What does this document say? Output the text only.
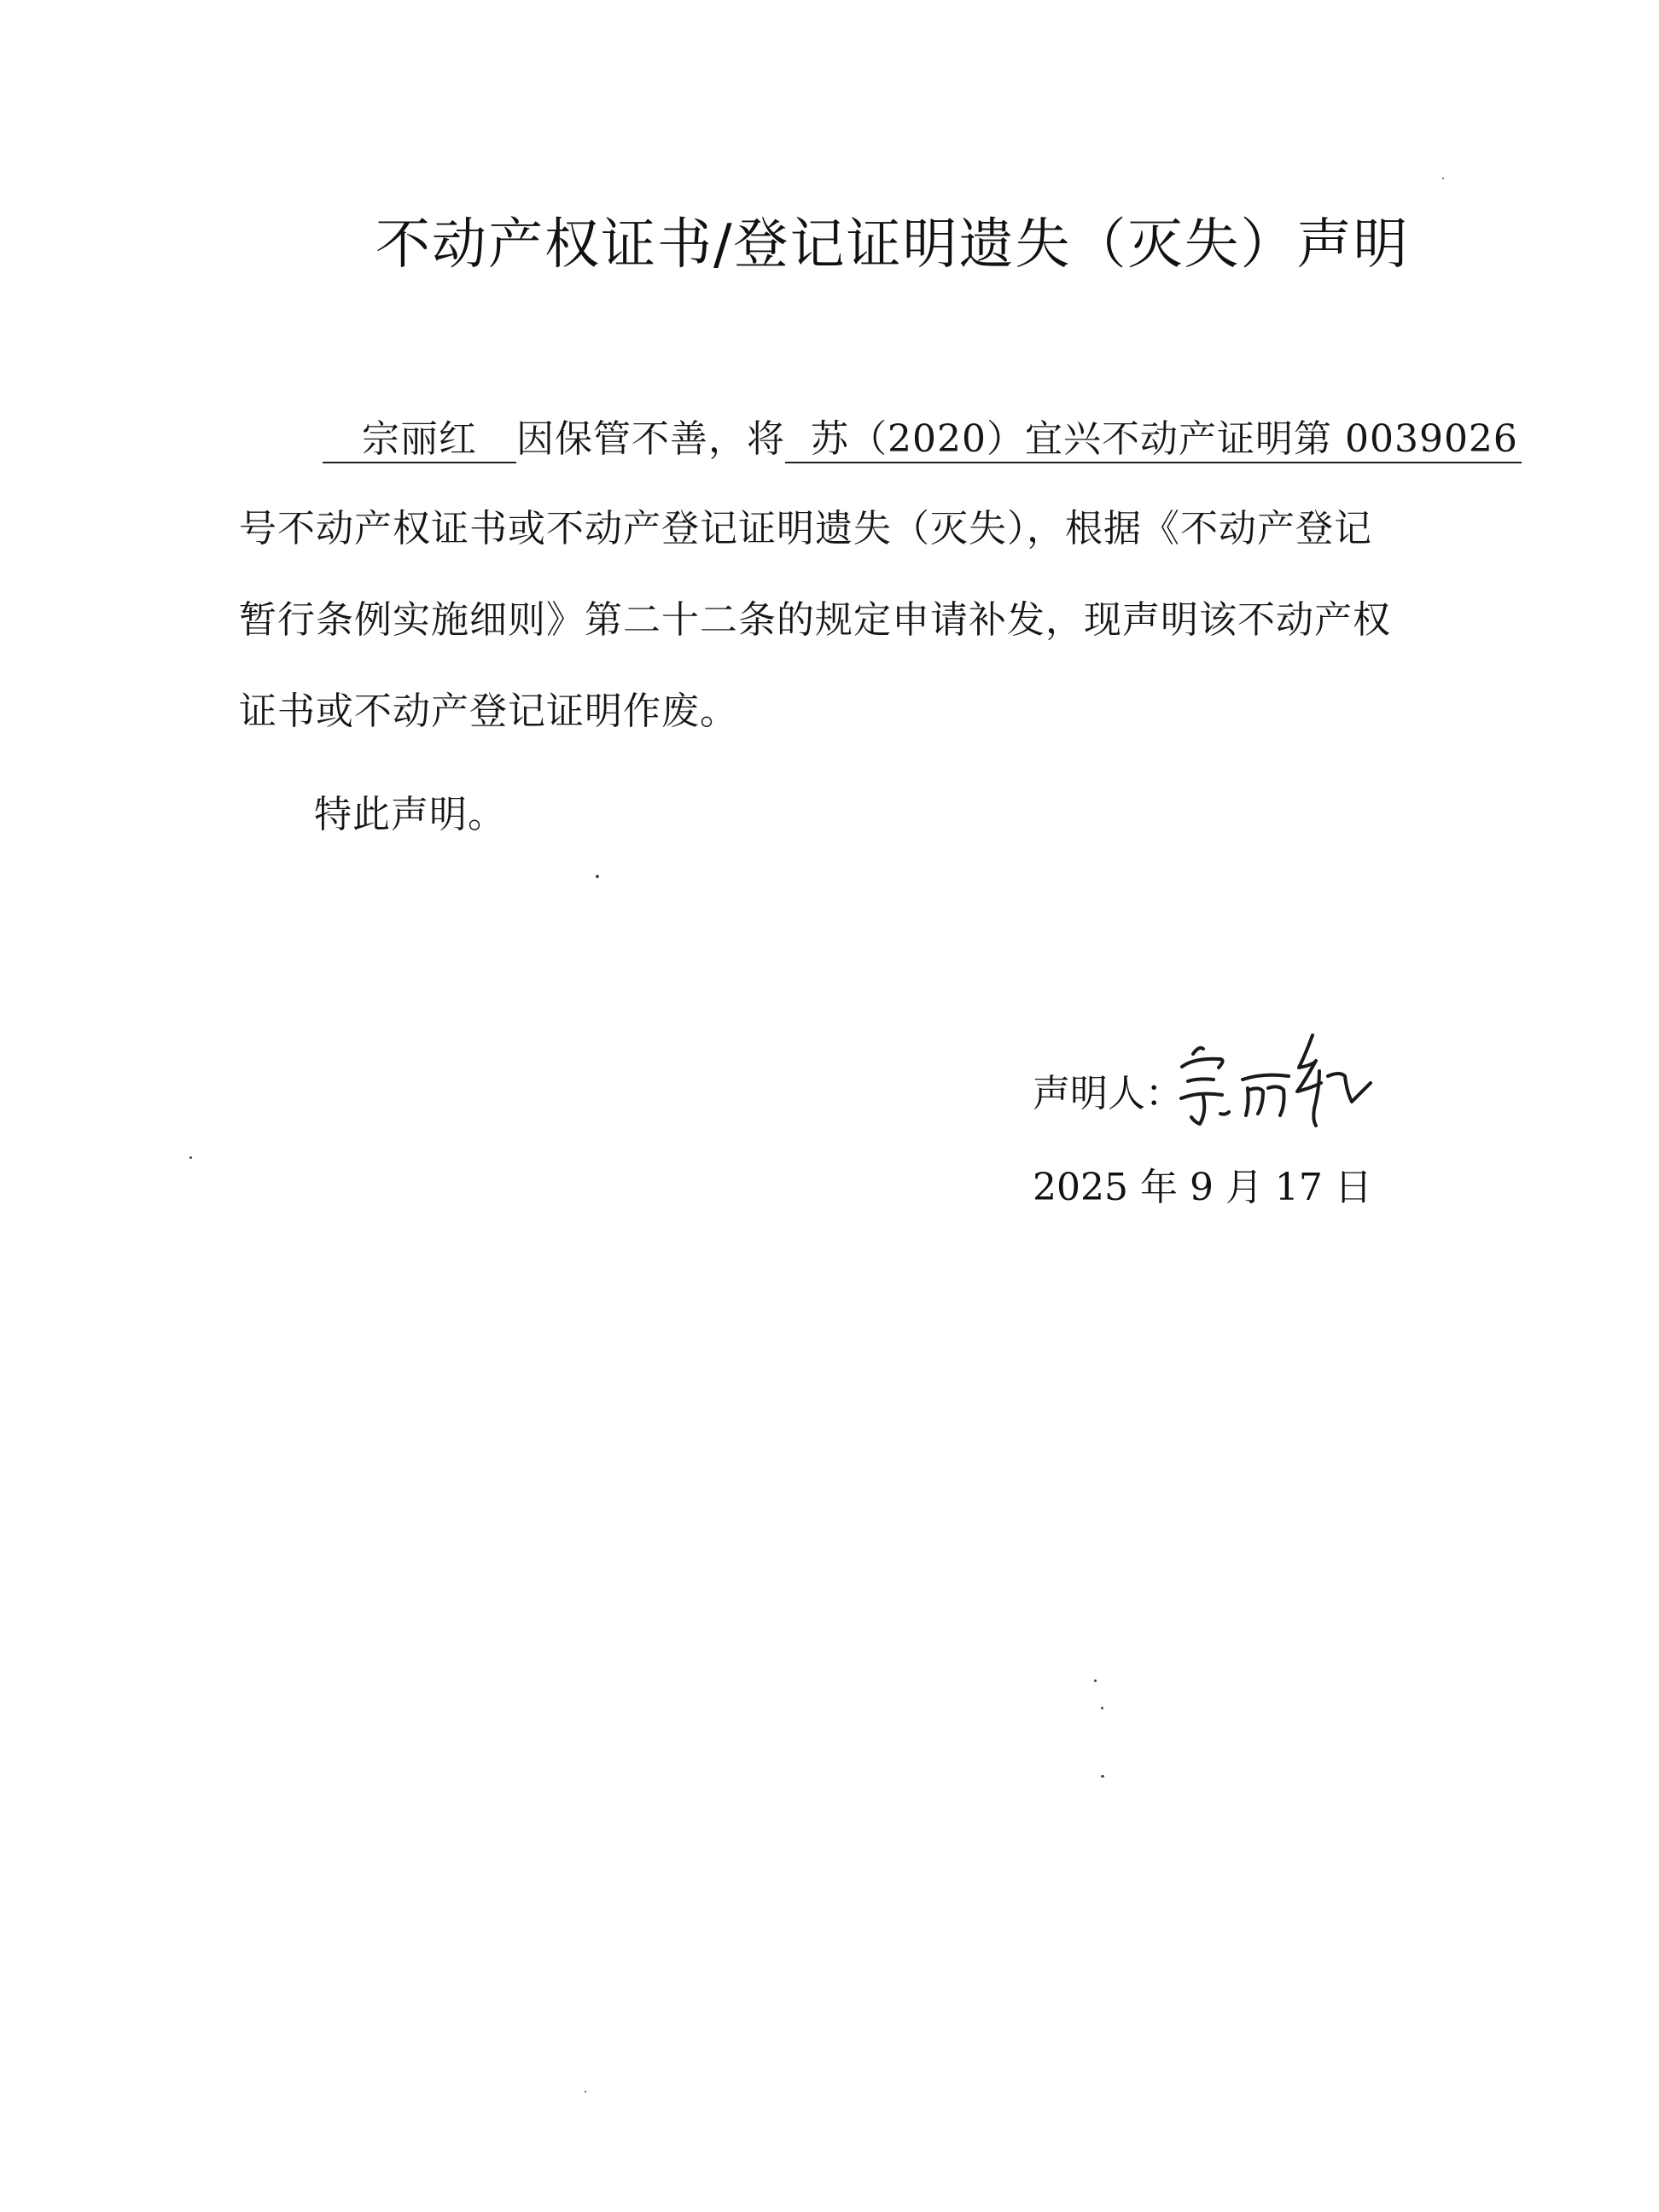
不动产权证书/登记证明遗失（灭失）声明
宗丽红 因保管不善，将 苏（2020）宜兴不动产证明第 0039026
号不动产权证书或不动产登记证明遗失（灭失），根据《不动产登记
暂行条例实施细则》第二十二条的规定申请补发，现声明该不动产权
证书或不动产登记证明作废。
特此声明。
声明人：
2025 年 9 月 17 日
